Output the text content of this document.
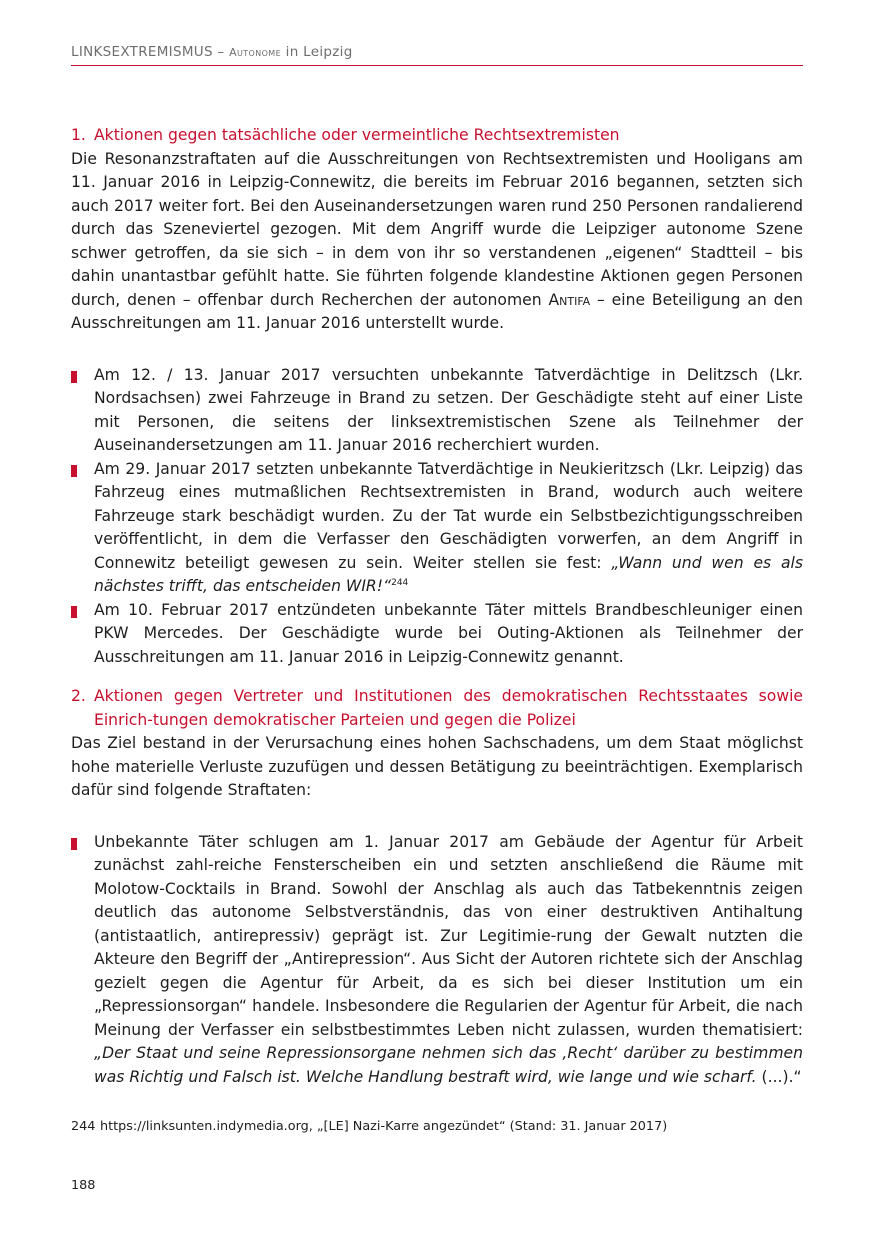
LINKSEXTREMISMUS – Autonome in Leipzig
1. Aktionen gegen tatsächliche oder vermeintliche Rechtsextremisten

Die Resonanzstraftaten auf die Ausschreitungen von Rechtsextremisten und Hooligans am 11. Januar 2016 in Leipzig-Connewitz, die bereits im Februar 2016 begannen, setzten sich auch 2017 weiter fort. Bei den Auseinandersetzungen waren rund 250 Personen randalierend durch das Szeneviertel gezogen. Mit dem Angriff wurde die Leipziger autonome Szene schwer getroffen, da sie sich – in dem von ihr so verstandenen „eigenen“ Stadtteil – bis dahin unantastbar gefühlt hatte. Sie führten folgende klandestine Aktionen gegen Personen durch, denen – offenbar durch Recherchen der autonomen Antifa – eine Beteiligung an den Ausschreitungen am 11. Januar 2016 unterstellt wurde.

Am 12. / 13. Januar 2017 versuchten unbekannte Tatverdächtige in Delitzsch (Lkr. Nordsachsen) zwei Fahrzeuge in Brand zu setzen. Der Geschädigte steht auf einer Liste mit Personen, die seitens der linksextremistischen Szene als Teilnehmer der Auseinandersetzungen am 11. Januar 2016 recherchiert wurden.
Am 29. Januar 2017 setzten unbekannte Tatverdächtige in Neukieritzsch (Lkr. Leipzig) das Fahrzeug eines mutmaßlichen Rechtsextremisten in Brand, wodurch auch weitere Fahrzeuge stark beschädigt wurden. Zu der Tat wurde ein Selbstbezichtigungsschreiben veröffentlicht, in dem die Verfasser den Geschädigten vorwerfen, an dem Angriff in Connewitz beteiligt gewesen zu sein. Weiter stellen sie fest: „Wann und wen es als nächstes trifft, das entscheiden WIR!“$^{244}$
Am 10. Februar 2017 entzündeten unbekannte Täter mittels Brandbeschleuniger einen PKW Mercedes. Der Geschädigte wurde bei Outing-Aktionen als Teilnehmer der Ausschreitungen am 11. Januar 2016 in Leipzig-Connewitz genannt.
2. Aktionen gegen Vertreter und Institutionen des demokratischen Rechtsstaates sowie Einrich-tungen demokratischer Parteien und gegen die Polizei

Das Ziel bestand in der Verursachung eines hohen Sachschadens, um dem Staat möglichst hohe materielle Verluste zuzufügen und dessen Betätigung zu beeinträchtigen. Exemplarisch dafür sind folgende Straftaten:

Unbekannte Täter schlugen am 1. Januar 2017 am Gebäude der Agentur für Arbeit zunächst zahl-reiche Fensterscheiben ein und setzten anschließend die Räume mit Molotow-Cocktails in Brand. Sowohl der Anschlag als auch das Tatbekenntnis zeigen deutlich das autonome Selbstverständnis, das von einer destruktiven Antihaltung (antistaatlich, antirepressiv) geprägt ist. Zur Legitimie-rung der Gewalt nutzten die Akteure den Begriff der „Antirepression“. Aus Sicht der Autoren richtete sich der Anschlag gezielt gegen die Agentur für Arbeit, da es sich bei dieser Institution um ein „Repressionsorgan“ handele. Insbesondere die Regularien der Agentur für Arbeit, die nach Meinung der Verfasser ein selbstbestimmtes Leben nicht zulassen, wurden thematisiert: „Der Staat und seine Repressionsorgane nehmen sich das ‚Recht‘ darüber zu bestimmen was Richtig und Falsch ist. Welche Handlung bestraft wird, wie lange und wie scharf. (...).“
244 https://linksunten.indymedia.org, „[LE] Nazi-Karre angezündet“ (Stand: 31. Januar 2017)
188
